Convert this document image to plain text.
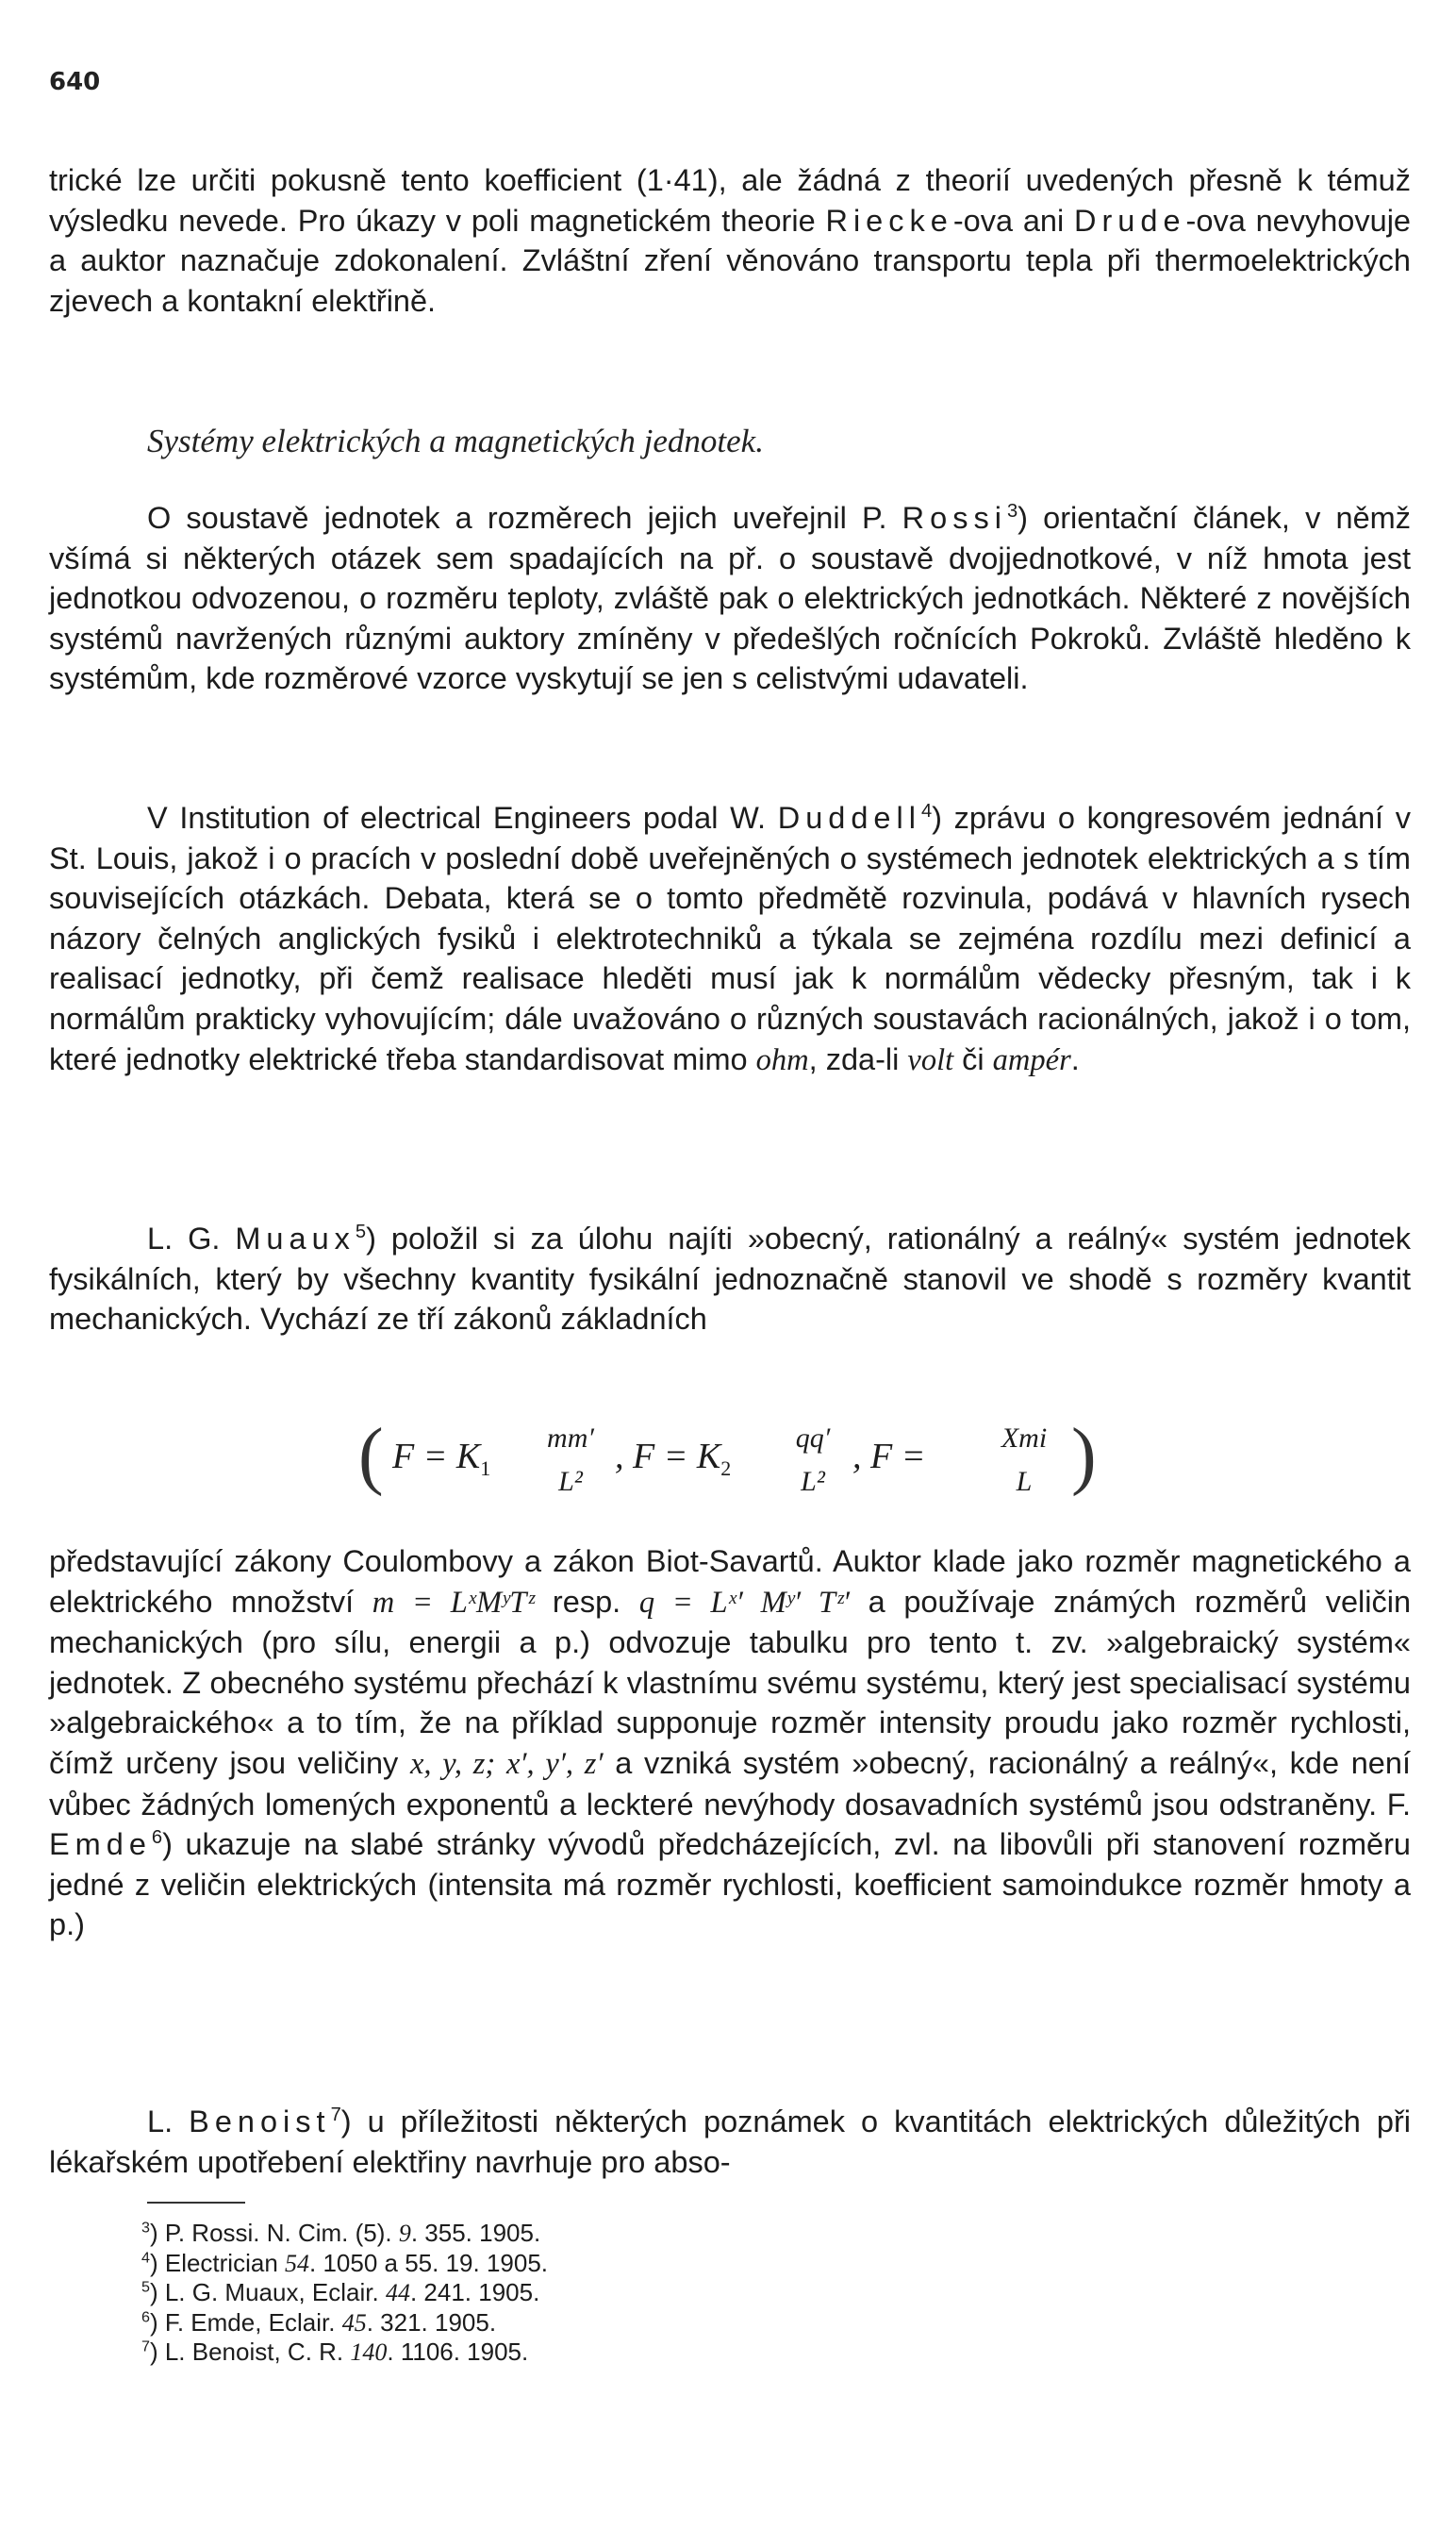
640

trické lze určiti pokusně tento koefficient (1·41), ale žádná z theorií uvedených přesně k témuž výsledku nevede. Pro úkazy v poli magnetickém theorie Riecke-ova ani Drude-ova nevyhovuje a auktor naznačuje zdokonalení. Zvláštní zření věnováno transportu tepla při thermoelektrických zjevech a kontakní elektřině.

Systémy elektrických a magnetických jednotek.

O soustavě jednotek a rozměrech jejich uveřejnil P. Rossi$^3$) orientační článek, v němž všímá si některých otázek sem spadajících na př. o soustavě dvojjednotkové, v níž hmota jest jednotkou odvozenou, o rozměru teploty, zvláště pak o elektrických jednotkách. Některé z novějších systémů navržených různými auktory zmíněny v předešlých ročnících Pokroků. Zvláště hleděno k systémům, kde rozměrové vzorce vyskytují se jen s celistvými udavateli.

V Institution of electrical Engineers podal W. Duddell$^4$) zprávu o kongresovém jednání v St. Louis, jakož i o pracích v poslední době uveřejněných o systémech jednotek elektrických a s tím souvisejících otázkách. Debata, která se o tomto předmětě rozvinula, podává v hlavních rysech názory čelných anglických fysiků i elektrotechniků a týkala se zejména rozdílu mezi definicí a realisací jednotky, při čemž realisace hleděti musí jak k normálům vědecky přesným, tak i k normálům prakticky vyhovujícím; dále uvažováno o různých soustavách racionálných, jakož i o tom, které jednotky elektrické třeba standardisovat mimo ohm, zda-li volt či ampér.

L. G. Muaux$^5$) položil si za úlohu najíti »obecný, rationálný a reálný« systém jednotek fysikálních, který by všechny kvantity fysikální jednoznačně stanovil ve shodě s rozměry kvantit mechanických. Vychází ze tří zákonů základních

( $F = K_1$
mm′
L²
, $F = K_2$
qq′
L²
, F =	Xmi
L )

představující zákony Coulombovy a zákon Biot-Savartů. Auktor klade jako rozměr magnetického a elektrického množství m = LˣMʸTᶻ resp. q = Lˣ′ Mʸ′ Tᶻ′ a používaje známých rozměrů veličin mechanických (pro sílu, energii a p.) odvozuje tabulku pro tento t. zv. »algebraický systém« jednotek. Z obecného systému přechází k vlastnímu svému systému, který jest specialisací systému »algebraického« a to tím, že na příklad supponuje rozměr intensity proudu jako rozměr rychlosti, čímž určeny jsou veličiny x, y, z; x′, y′, z′ a vzniká systém »obecný, racionálný a reálný«, kde není vůbec žádných lomených exponentů a leckteré nevýhody dosavadních systémů jsou odstraněny. F. Emde$^6$) ukazuje na slabé stránky vývodů předcházejících, zvl. na libovůli při stanovení rozměru jedné z veličin elektrických (intensita má rozměr rychlosti, koefficient samoindukce rozměr hmoty a p.)

L. Benoist$^7$) u příležitosti některých poznámek o kvantitách elektrických důležitých při lékařském upotřebení elektřiny navrhuje pro abso-

$^3$) P. Rossi. N. Cim. (5). 9. 355. 1905.
$^4$) Electrician 54. 1050 a 55. 19. 1905.
$^5$) L. G. Muaux, Eclair. 44. 241. 1905.
$^6$) F. Emde, Eclair. 45. 321. 1905.
$^7$) L. Benoist, C. R. 140. 1106. 1905.
